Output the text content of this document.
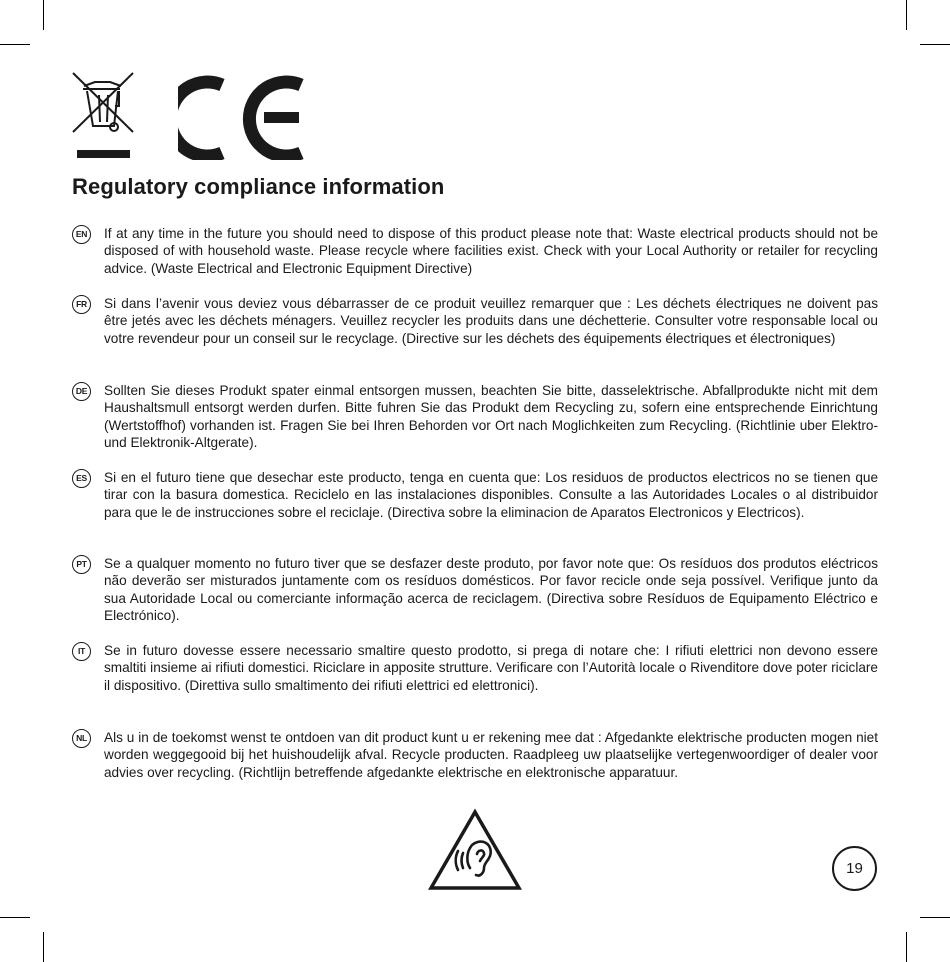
Regulatory compliance information
EN If at any time in the future you should need to dispose of this product please note that: Waste electrical products should not be disposed of with household waste. Please recycle where facilities exist. Check with your Local Authority or retailer for recycling advice. (Waste Electrical and Electronic Equipment Directive)

FR	Si dans l’avenir vous deviez vous débarrasser de ce produit veuillez remarquer que : Les déchets électriques ne doivent pas être jetés avec les déchets ménagers. Veuillez recycler les produits dans une déchetterie. Consulter votre responsable local ou votre revendeur pour un conseil sur le recyclage. (Directive sur les déchets des équipements électriques et électroniques)

DE Sollten Sie dieses Produkt spater einmal entsorgen mussen, beachten Sie bitte, dasselektrische. Abfallprodukte nicht mit dem Haushaltsmull entsorgt werden durfen. Bitte fuhren Sie das Produkt dem Recycling zu, sofern eine entsprechende Einrichtung (Wertstoffhof) vorhanden ist. Fragen Sie bei Ihren Behorden vor Ort nach Moglichkeiten zum Recycling. (Richtlinie uber Elektro- und Elektronik-Altgerate).

ES	Si en el futuro tiene que desechar este producto, tenga en cuenta que: Los residuos de productos electricos no se tienen que tirar con la basura domestica. Reciclelo en las instalaciones disponibles. Consulte a las Autoridades Locales o al distribuidor para que le de instrucciones sobre el reciclaje. (Directiva sobre la eliminacion de Aparatos Electronicos y Electricos).

PT	Se a qualquer momento no futuro tiver que se desfazer deste produto, por favor note que: Os resíduos dos produtos eléctricos não deverão ser misturados juntamente com os resíduos domésticos. Por favor recicle onde seja possível. Verifique junto da sua Autoridade Local ou comerciante informação acerca de reciclagem. (Directiva sobre Resíduos de Equipamento Eléctrico e Electrónico).

IT	Se in futuro dovesse essere necessario smaltire questo prodotto, si prega di notare che: I rifiuti elettrici non devono essere smaltiti insieme ai rifiuti domestici. Riciclare in apposite strutture. Verificare con l’Autorità locale o Rivenditore dove poter riciclare il dispositivo. (Direttiva sullo smaltimento dei rifiuti elettrici ed elettronici).

NL	Als u in de toekomst wenst te ontdoen van dit product kunt u er rekening mee dat : Afgedankte elektrische producten mogen niet worden weggegooid bij het huishoudelijk afval. Recycle producten. Raadpleeg uw plaatselijke vertegenwoordiger of dealer voor advies over recycling. (Richtlijn betreffende afgedankte elektrische en elektronische apparatuur.

19
